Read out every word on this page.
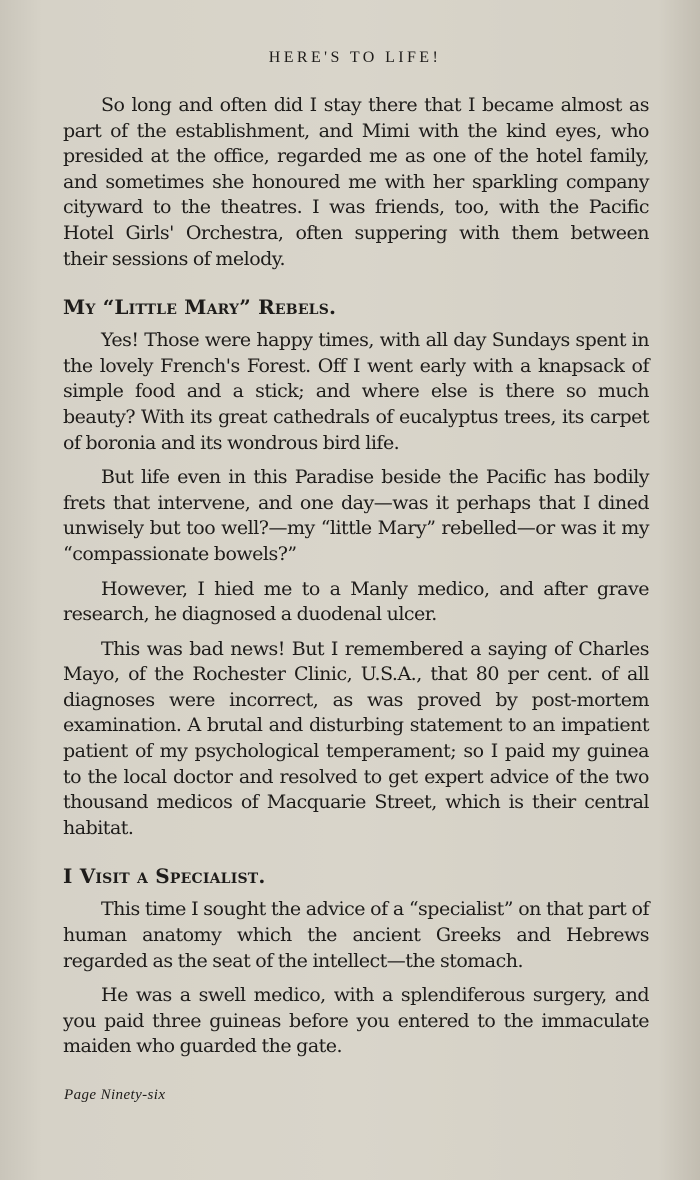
HERE'S TO LIFE!

So long and often did I stay there that I became almost as part of the establishment, and Mimi with the kind eyes, who presided at the office, regarded me as one of the hotel family, and sometimes she honoured me with her sparkling company cityward to the theatres. I was friends, too, with the Pacific Hotel Girls' Orchestra, often suppering with them between their sessions of melody.

My “Little Mary” Rebels.

Yes! Those were happy times, with all day Sundays spent in the lovely French's Forest. Off I went early with a knapsack of simple food and a stick; and where else is there so much beauty? With its great cathedrals of eucalyptus trees, its carpet of boronia and its wondrous bird life.

But life even in this Paradise beside the Pacific has bodily frets that intervene, and one day—was it perhaps that I dined unwisely but too well?—my “little Mary” rebelled—or was it my “compassionate bowels?”

However, I hied me to a Manly medico, and after grave research, he diagnosed a duodenal ulcer.

This was bad news! But I remembered a saying of Charles Mayo, of the Rochester Clinic, U.S.A., that 80 per cent. of all diagnoses were incorrect, as was proved by post-mortem examination. A brutal and disturbing statement to an impatient patient of my psychological temperament; so I paid my guinea to the local doctor and resolved to get expert advice of the two thousand medicos of Macquarie Street, which is their central habitat.

I Visit a Specialist.

This time I sought the advice of a “specialist” on that part of human anatomy which the ancient Greeks and Hebrews regarded as the seat of the intellect—the stomach.

He was a swell medico, with a splendiferous surgery, and you paid three guineas before you entered to the immaculate maiden who guarded the gate.

Page Ninety-six
